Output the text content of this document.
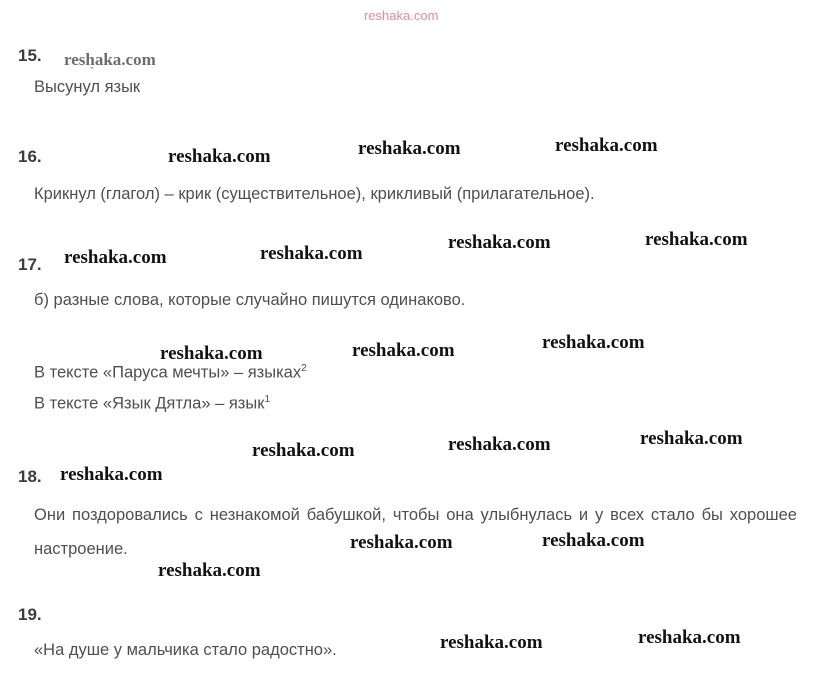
reshaka.com
15. reshaka.com
Высунул язык
ˇ
16.	reshaka.com	reshaka.com	reshaka.com
Крикнул (глагол) – крик (существительное), крикливый (прилагательное).
17. reshaka.com	reshaka.com
reshaka.com	reshaka.com
б) разные слова, которые случайно пишутся одинаково.
reshaka.com	reshaka.com	reshaka.com
В тексте «Паруса мечты» – языках$^2$
В тексте «Язык Дятла» – язык$^1$
reshaka.com	reshaka.com	reshaka.com
18. reshaka.com
Они поздоровались с незнакомой бабушкой, чтобы она улыбнулась и у всех стало бы хорошее настроение.	reshaka.com	reshaka.com
reshaka.com
19.
«На душе у мальчика стало радостно».	reshaka.com	reshaka.com
